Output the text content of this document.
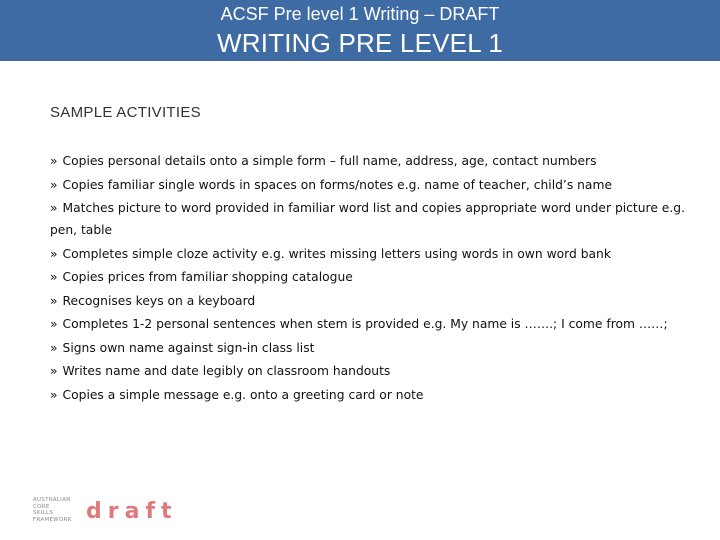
ACSF Pre level 1 Writing – DRAFT
WRITING PRE LEVEL 1
SAMPLE ACTIVITIES
» Copies personal details onto a simple form – full name, address, age, contact numbers
» Copies familiar single words in spaces on forms/notes e.g. name of teacher, child’s name
» Matches picture to word provided in familiar word list and copies appropriate word under picture e.g. pen, table
» Completes simple cloze activity e.g. writes missing letters using words in own word bank
» Copies prices from familiar shopping catalogue
» Recognises keys on a keyboard
» Completes 1-2 personal sentences when stem is provided e.g. My name is …….; I come from ……;
» Signs own name against sign-in class list
» Writes name and date legibly on classroom handouts
» Copies a simple message e.g. onto a greeting card or note
AUSTRALIAN
CORE
SKILLS
FRAMEWORK draft
